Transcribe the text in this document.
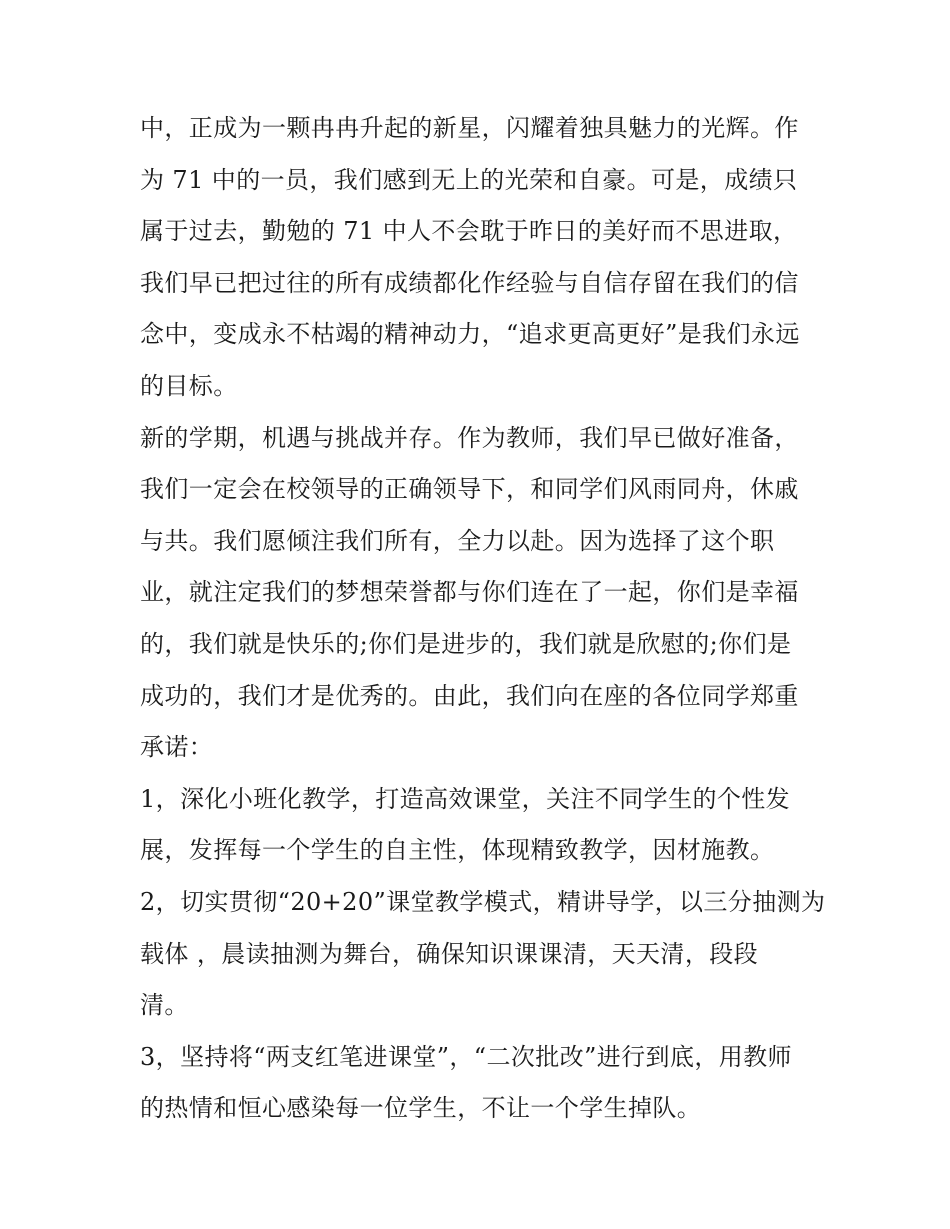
中，正成为一颗冉冉升起的新星，闪耀着独具魅力的光辉。作
为 71 中的一员，我们感到无上的光荣和自豪。可是，成绩只
属于过去，勤勉的 71 中人不会耽于昨日的美好而不思进取，
我们早已把过往的所有成绩都化作经验与自信存留在我们的信
念中，变成永不枯竭的精神动力，“追求更高更好”是我们永远
的目标。
新的学期，机遇与挑战并存。作为教师，我们早已做好准备，
我们一定会在校领导的正确领导下，和同学们风雨同舟，休戚
与共。我们愿倾注我们所有，全力以赴。因为选择了这个职
业，就注定我们的梦想荣誉都与你们连在了一起，你们是幸福
的，我们就是快乐的;你们是进步的，我们就是欣慰的;你们是
成功的，我们才是优秀的。由此，我们向在座的各位同学郑重
承诺：
1，深化小班化教学，打造高效课堂，关注不同学生的个性发
展，发挥每一个学生的自主性，体现精致教学，因材施教。
2，切实贯彻“20+20”课堂教学模式，精讲导学，以三分抽测为
载体 ，晨读抽测为舞台，确保知识课课清，天天清，段段
清。
3，坚持将“两支红笔进课堂”，“二次批改”进行到底，用教师
的热情和恒心感染每一位学生，不让一个学生掉队。
